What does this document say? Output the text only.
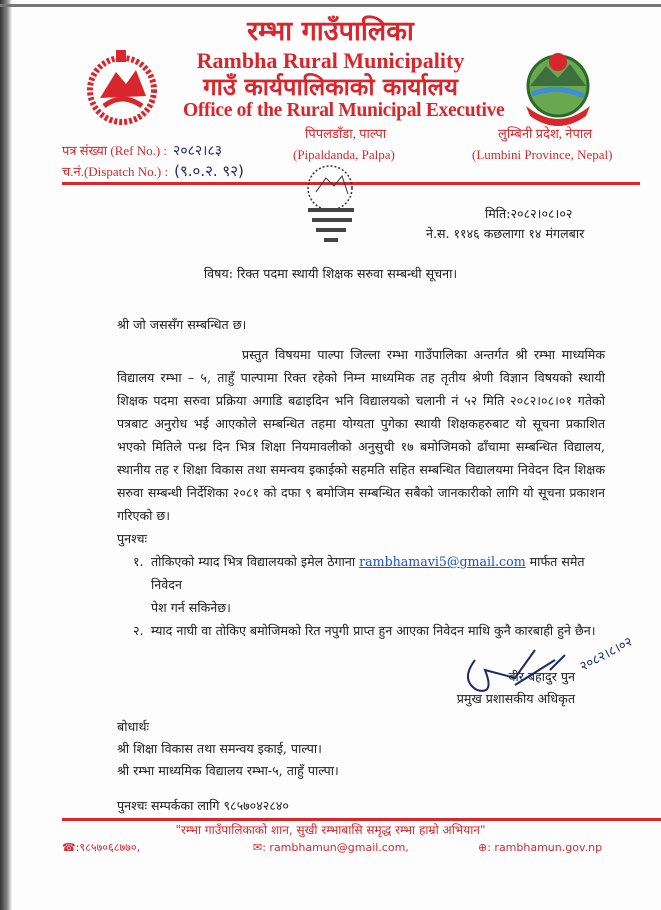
रम्भा गाउँपालिका
Rambha Rural Municipality
गाउँ कार्यपालिकाको कार्यालय
Office of the Rural Municipal Executive
पिपलडाँडा, पाल्पा
(Pipaldanda, Palpa)
लुम्बिनी प्रदेश, नेपाल
(Lumbini Province, Nepal)
पत्र संख्या (Ref No.) : २०८२।८३
च.नं.(Dispatch No.) : (९.०.२. ९२)
मिति:२०८२।०८।०२
ने.स. ११४६ कछलागा १४ मंगलबार
विषय: रिक्त पदमा स्थायी शिक्षक सरुवा सम्बन्धी सूचना।
श्री जो जससँग सम्बन्धित छ।

प्रस्तुत विषयमा पाल्पा जिल्ला रम्भा गाउँपालिका अन्तर्गत श्री रम्भा माध्यमिक विद्यालय रम्भा – ५, ताहुँ पाल्पामा रिक्त रहेको निम्न माध्यमिक तह तृतीय श्रेणी विज्ञान विषयको स्थायी शिक्षक पदमा सरुवा प्रक्रिया अगाडि बढाइदिन भनि विद्यालयको चलानी नं ५२ मिति २०८२।०८।०१ गतेको पत्रबाट अनुरोध भई आएकोले सम्बन्धित तहमा योग्यता पुगेका स्थायी शिक्षकहरुबाट यो सूचना प्रकाशित भएको मितिले पन्ध्र दिन भित्र शिक्षा नियमावलीको अनुसुची १७ बमोजिमको ढाँचामा सम्बन्धित विद्यालय, स्थानीय तह र शिक्षा विकास तथा समन्वय इकाईको सहमति सहित सम्बन्धित विद्यालयमा निवेदन दिन शिक्षक सरुवा सम्बन्धी निर्देशिका २०८१ को दफा ९ बमोजिम सम्बन्धित सबैको जानकारीको लागि यो सूचना प्रकाशन गरिएको छ।

पुनश्चः
१. तोकिएको म्याद भित्र विद्यालयको इमेल ठेगाना rambhamavi5@gmail.com मार्फत समेत निवेदन
पेश गर्न सकिनेछ।
२. म्याद नाघी वा तोकिए बमोजिमको रित नपुगी प्राप्त हुन आएका निवेदन माथि कुनै कारबाही हुने छैन।
२०८२।८।०२
वीर बहादुर पुन
प्रमुख प्रशासकीय अधिकृत
बोधार्थः
श्री शिक्षा विकास तथा समन्वय इकाई, पाल्पा।
श्री रम्भा माध्यमिक विद्यालय रम्भा-५, ताहुँ पाल्पा।
पुनश्चः सम्पर्कका लागि ९८५७०४२८४०
"रम्भा गाउँपालिकाको शान, सुखी रम्भाबासि समृद्ध रम्भा हाम्रो अभियान"
☎:९८५७०६८७७०,	✉: rambhamun@gmail.com,	⊕: rambhamun.gov.np
